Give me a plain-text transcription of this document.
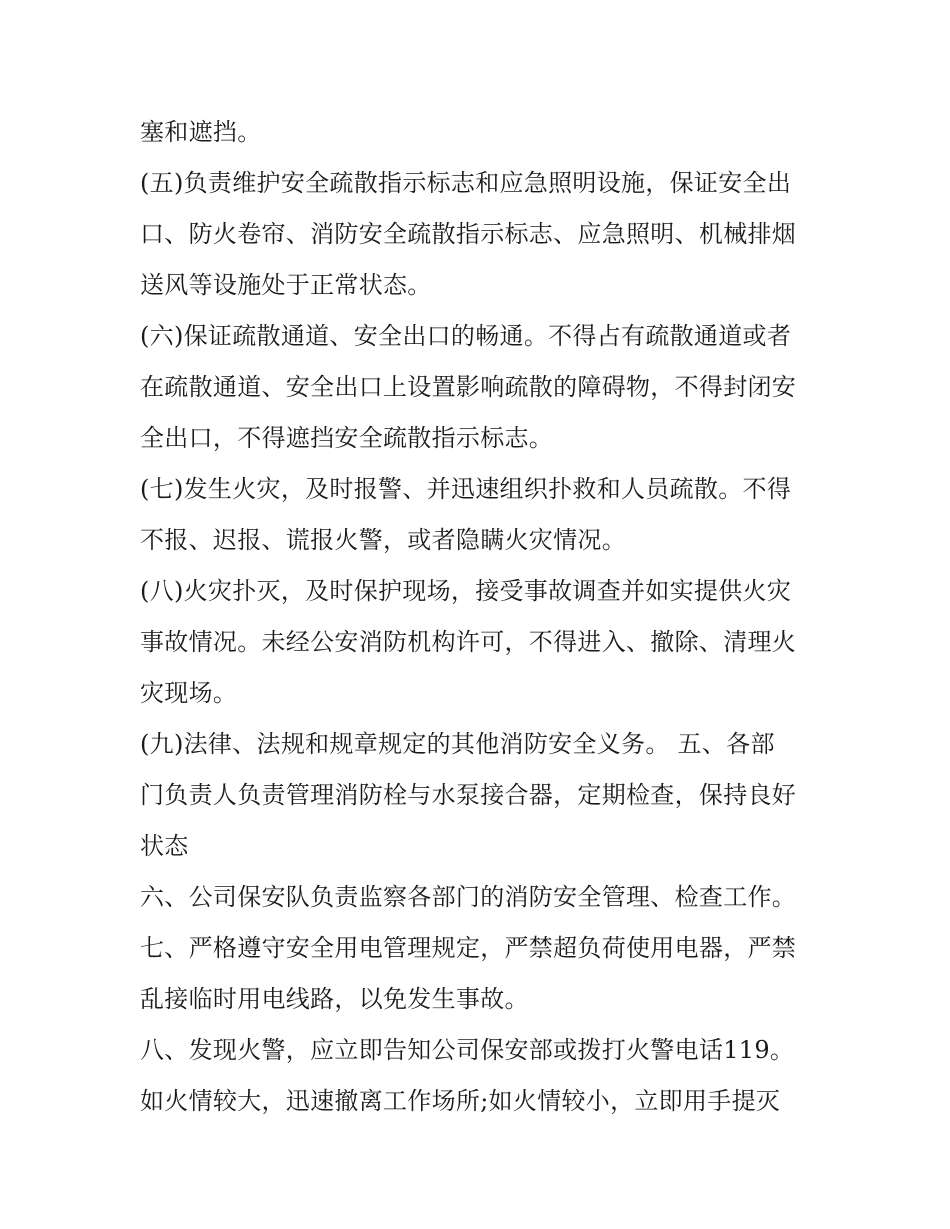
塞和遮挡。
(五)负责维护安全疏散指示标志和应急照明设施，保证安全出
口、防火卷帘、消防安全疏散指示标志、应急照明、机械排烟
送风等设施处于正常状态。
(六)保证疏散通道、安全出口的畅通。不得占有疏散通道或者
在疏散通道、安全出口上设置影响疏散的障碍物，不得封闭安
全出口，不得遮挡安全疏散指示标志。
(七)发生火灾，及时报警、并迅速组织扑救和人员疏散。不得
不报、迟报、谎报火警，或者隐瞒火灾情况。
(八)火灾扑灭，及时保护现场，接受事故调查并如实提供火灾
事故情况。未经公安消防机构许可，不得进入、撤除、清理火
灾现场。
(九)法律、法规和规章规定的其他消防安全义务。 五、各部
门负责人负责管理消防栓与水泵接合器，定期检查，保持良好
状态
六、公司保安队负责监察各部门的消防安全管理、检查工作。
七、严格遵守安全用电管理规定，严禁超负荷使用电器，严禁
乱接临时用电线路，以免发生事故。
八、发现火警，应立即告知公司保安部或拨打火警电话119。
如火情较大，迅速撤离工作场所;如火情较小，立即用手提灭
